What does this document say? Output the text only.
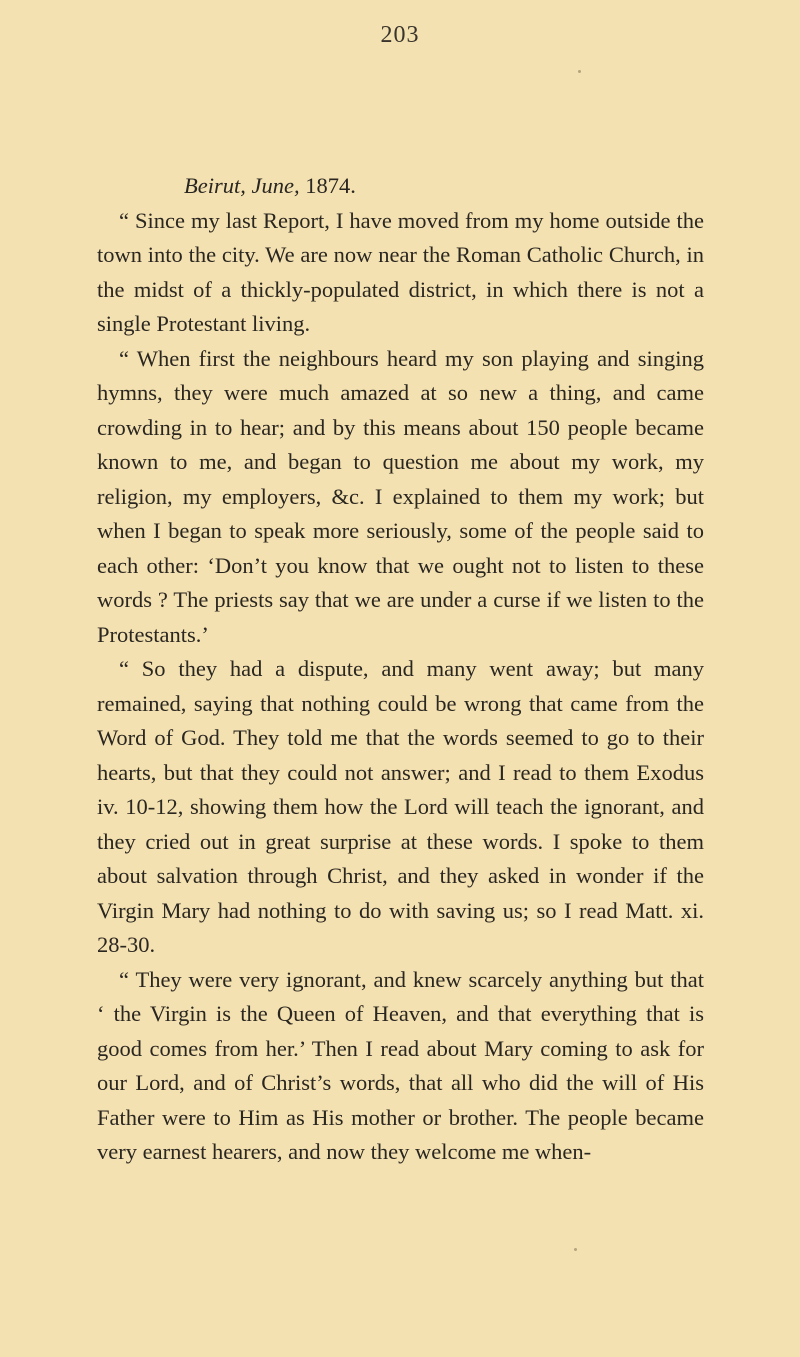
203
Beirut, June, 1874.

“ Since my last Report, I have moved from my home outside the town into the city. We are now near the Roman Catholic Church, in the midst of a thickly-populated district, in which there is not a single Protestant living.

“ When first the neighbours heard my son playing and singing hymns, they were much amazed at so new a thing, and came crowding in to hear; and by this means about 150 people became known to me, and began to question me about my work, my religion, my employers, &c. I explained to them my work; but when I began to speak more seriously, some of the people said to each other: ‘Don’t you know that we ought not to listen to these words ? The priests say that we are under a curse if we listen to the Protestants.’

“ So they had a dispute, and many went away; but many remained, saying that nothing could be wrong that came from the Word of God. They told me that the words seemed to go to their hearts, but that they could not answer; and I read to them Exodus iv. 10-12, showing them how the Lord will teach the ignorant, and they cried out in great surprise at these words. I spoke to them about salvation through Christ, and they asked in wonder if the Virgin Mary had nothing to do with saving us; so I read Matt. xi. 28-30.

“ They were very ignorant, and knew scarcely anything but that ‘ the Virgin is the Queen of Heaven, and that everything that is good comes from her.’ Then I read about Mary coming to ask for our Lord, and of Christ’s words, that all who did the will of His Father were to Him as His mother or brother. The people became very earnest hearers, and now they welcome me when-
